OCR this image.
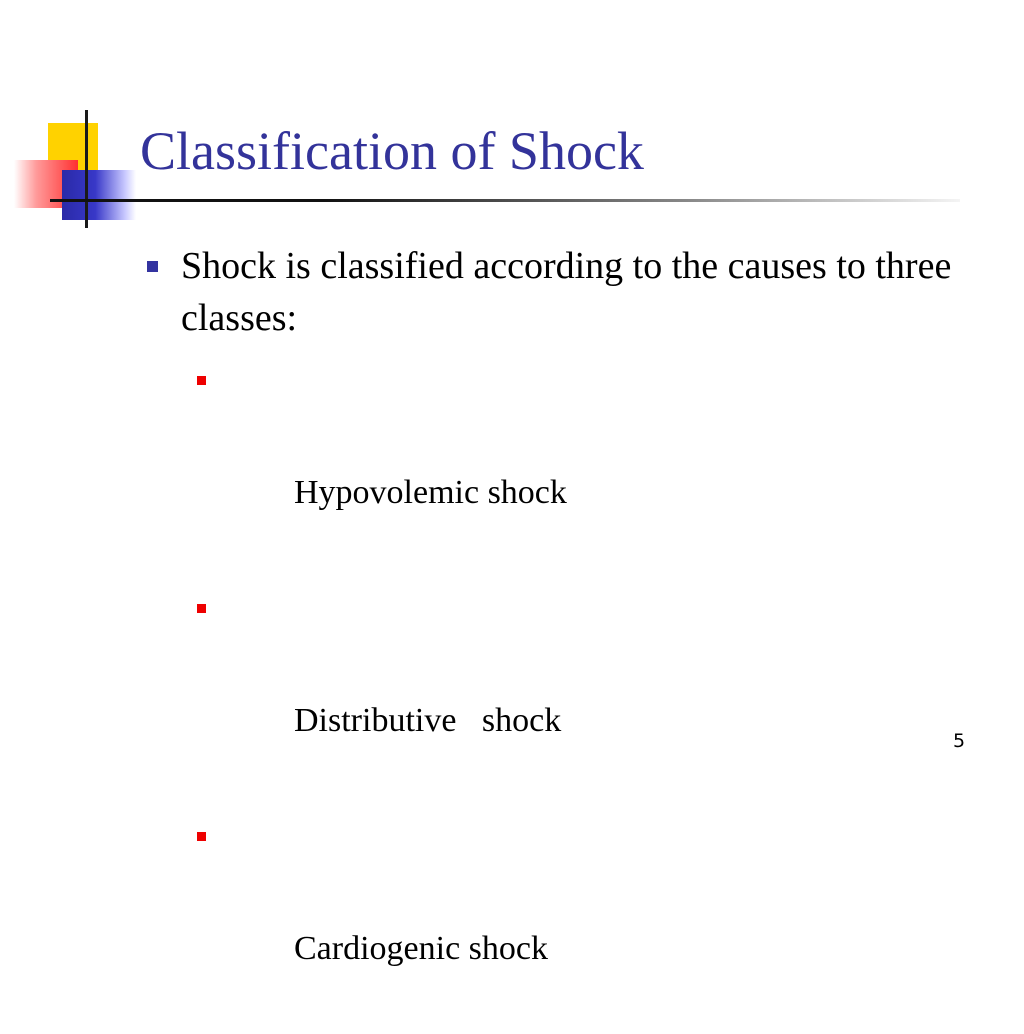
Classification of Shock
Shock is classified according to the causes to three classes:

Hypovolemic shock

Distributive   shock

Cardiogenic shock

5
